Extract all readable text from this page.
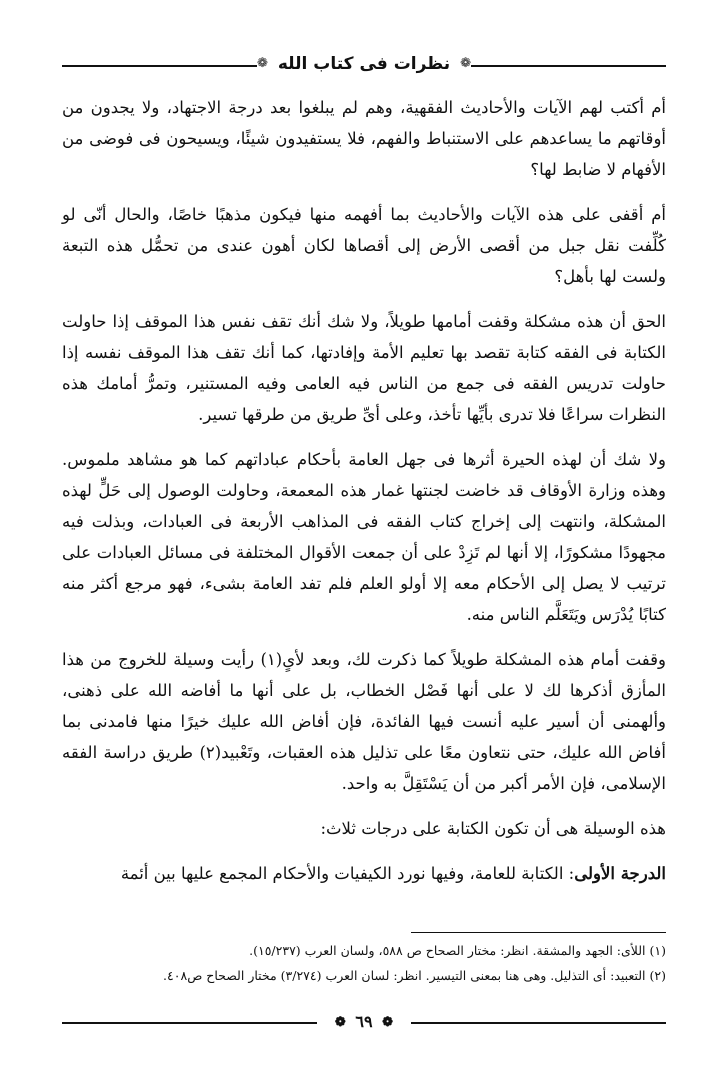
❁ نظرات فى كتاب الله ❁

أم أكتب لهم الآيات والأحاديث الفقهية، وهم لم يبلغوا بعد درجة الاجتهاد، ولا يجدون من أوقاتهم ما يساعدهم على الاستنباط والفهم، فلا يستفيدون شيئًا، ويسيحون فى فوضى من الأفهام لا ضابط لها؟

أم أقفى على هذه الآيات والأحاديث بما أفهمه منها فيكون مذهبًا خاصًا، والحال أنّى لو كُلِّفت نقل جبل من أقصى الأرض إلى أقصاها لكان أهون عندى من تحمُّل هذه التبعة ولست لها بأهل؟

الحق أن هذه مشكلة وقفت أمامها طويلاً، ولا شك أنك تقف نفس هذا الموقف إذا حاولت الكتابة فى الفقه كتابة تقصد بها تعليم الأمة وإفادتها، كما أنك تقف هذا الموقف نفسه إذا حاولت تدريس الفقه فى جمع من الناس فيه العامى وفيه المستنير، وتمرُّ أمامك هذه النظرات سراعًا فلا تدرى بأيِّها تأخذ، وعلى أىِّ طريق من طرقها تسير.

ولا شك أن لهذه الحيرة أثرها فى جهل العامة بأحكام عباداتهم كما هو مشاهد ملموس. وهذه وزارة الأوقاف قد خاضت لجنتها غمار هذه المعمعة، وحاولت الوصول إلى حَلٍّ لهذه المشكلة، وانتهت إلى إخراج كتاب الفقه فى المذاهب الأربعة فى العبادات، وبذلت فيه مجهودًا مشكورًا، إلا أنها لم تَزِدْ على أن جمعت الأقوال المختلفة فى مسائل العبادات على ترتيب لا يصل إلى الأحكام معه إلا أولو العلم فلم تفد العامة بشىء، فهو مرجع أكثر منه كتابًا يُدْرَس ويَتَعَلَّم الناس منه.

وقفت أمام هذه المشكلة طويلاً كما ذكرت لك، وبعد لأىٍ(١) رأيت وسيلة للخروج من هذا المأزق أذكرها لك لا على أنها فَصْل الخطاب، بل على أنها ما أفاضه الله على ذهنى، وألهمنى أن أسير عليه أنست فيها الفائدة، فإن أفاض الله عليك خيرًا منها فامدنى بما أفاض الله عليك، حتى نتعاون معًا على تذليل هذه العقبات، وتَعْبيد(٢) طريق دراسة الفقه الإسلامى، فإن الأمر أكبر من أن يَسْتَقِلَّ به واحد.

هذه الوسيلة هى أن تكون الكتابة على درجات ثلاث:

الدرجة الأولى: الكتابة للعامة، وفيها نورد الكيفيات والأحكام المجمع عليها بين أئمة

(١) اللأى: الجهد والمشقة. انظر: مختار الصحاح ص ٥٨٨، ولسان العرب (١٥/٢٣٧).
(٢) التعبيد: أى التذليل. وهى هنا بمعنى التيسير. انظر: لسان العرب (٣/٢٧٤) مختار الصحاح ص٤٠٨.
❁ ٦٩ ❁
